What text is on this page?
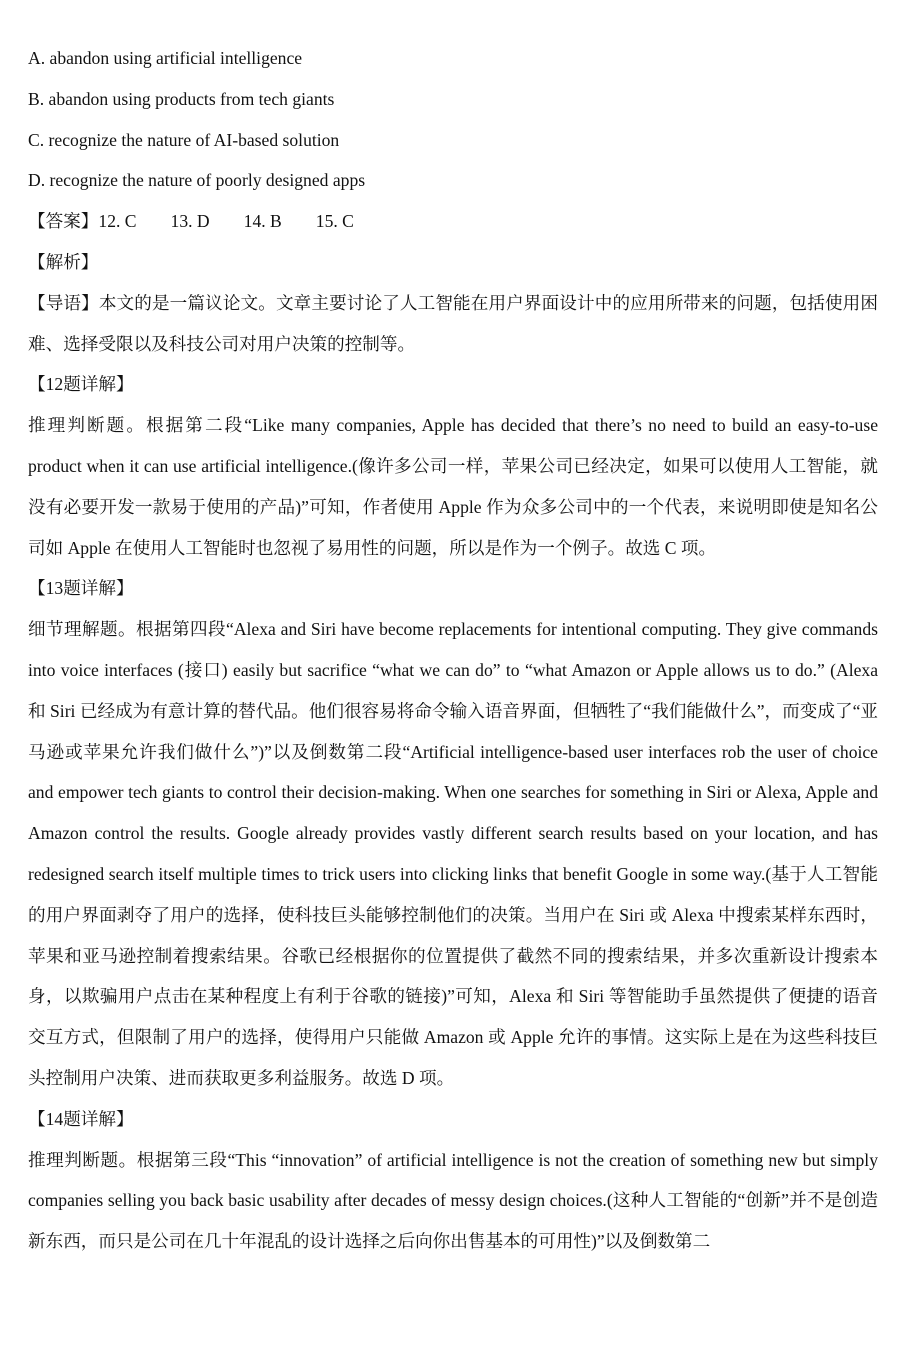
A. abandon using artificial intelligence

B. abandon using products from tech giants

C. recognize the nature of AI-based solution

D. recognize the nature of poorly designed apps

【答案】12. C 13. D 14. B 15. C

【解析】

【导语】本文的是一篇议论文。文章主要讨论了人工智能在用户界面设计中的应用所带来的问题，包括使用困难、选择受限以及科技公司对用户决策的控制等。

【12题详解】

推理判断题。根据第二段“Like many companies, Apple has decided that there’s no need to build an easy-to-use product when it can use artificial intelligence.(像许多公司一样，苹果公司已经决定，如果可以使用人工智能，就没有必要开发一款易于使用的产品)”可知，作者使用 Apple 作为众多公司中的一个代表，来说明即使是知名公司如 Apple 在使用人工智能时也忽视了易用性的问题，所以是作为一个例子。故选 C 项。

【13题详解】

细节理解题。根据第四段“Alexa and Siri have become replacements for intentional computing. They give commands into voice interfaces (接口) easily but sacrifice “what we can do” to “what Amazon or Apple allows us to do.” (Alexa 和 Siri 已经成为有意计算的替代品。他们很容易将命令输入语音界面，但牺牲了“我们能做什么”，而变成了“亚马逊或苹果允许我们做什么”)”以及倒数第二段“Artificial intelligence-based user interfaces rob the user of choice and empower tech giants to control their decision-making. When one searches for something in Siri or Alexa, Apple and Amazon control the results. Google already provides vastly different search results based on your location, and has redesigned search itself multiple times to trick users into clicking links that benefit Google in some way.(基于人工智能的用户界面剥夺了用户的选择，使科技巨头能够控制他们的决策。当用户在 Siri 或 Alexa 中搜索某样东西时，苹果和亚马逊控制着搜索结果。谷歌已经根据你的位置提供了截然不同的搜索结果，并多次重新设计搜索本身，以欺骗用户点击在某种程度上有利于谷歌的链接)”可知，Alexa 和 Siri 等智能助手虽然提供了便捷的语音交互方式，但限制了用户的选择，使得用户只能做 Amazon 或 Apple 允许的事情。这实际上是在为这些科技巨头控制用户决策、进而获取更多利益服务。故选 D 项。

【14题详解】

推理判断题。根据第三段“This “innovation” of artificial intelligence is not the creation of something new but simply companies selling you back basic usability after decades of messy design choices.(这种人工智能的“创新”并不是创造新东西，而只是公司在几十年混乱的设计选择之后向你出售基本的可用性)”以及倒数第二
